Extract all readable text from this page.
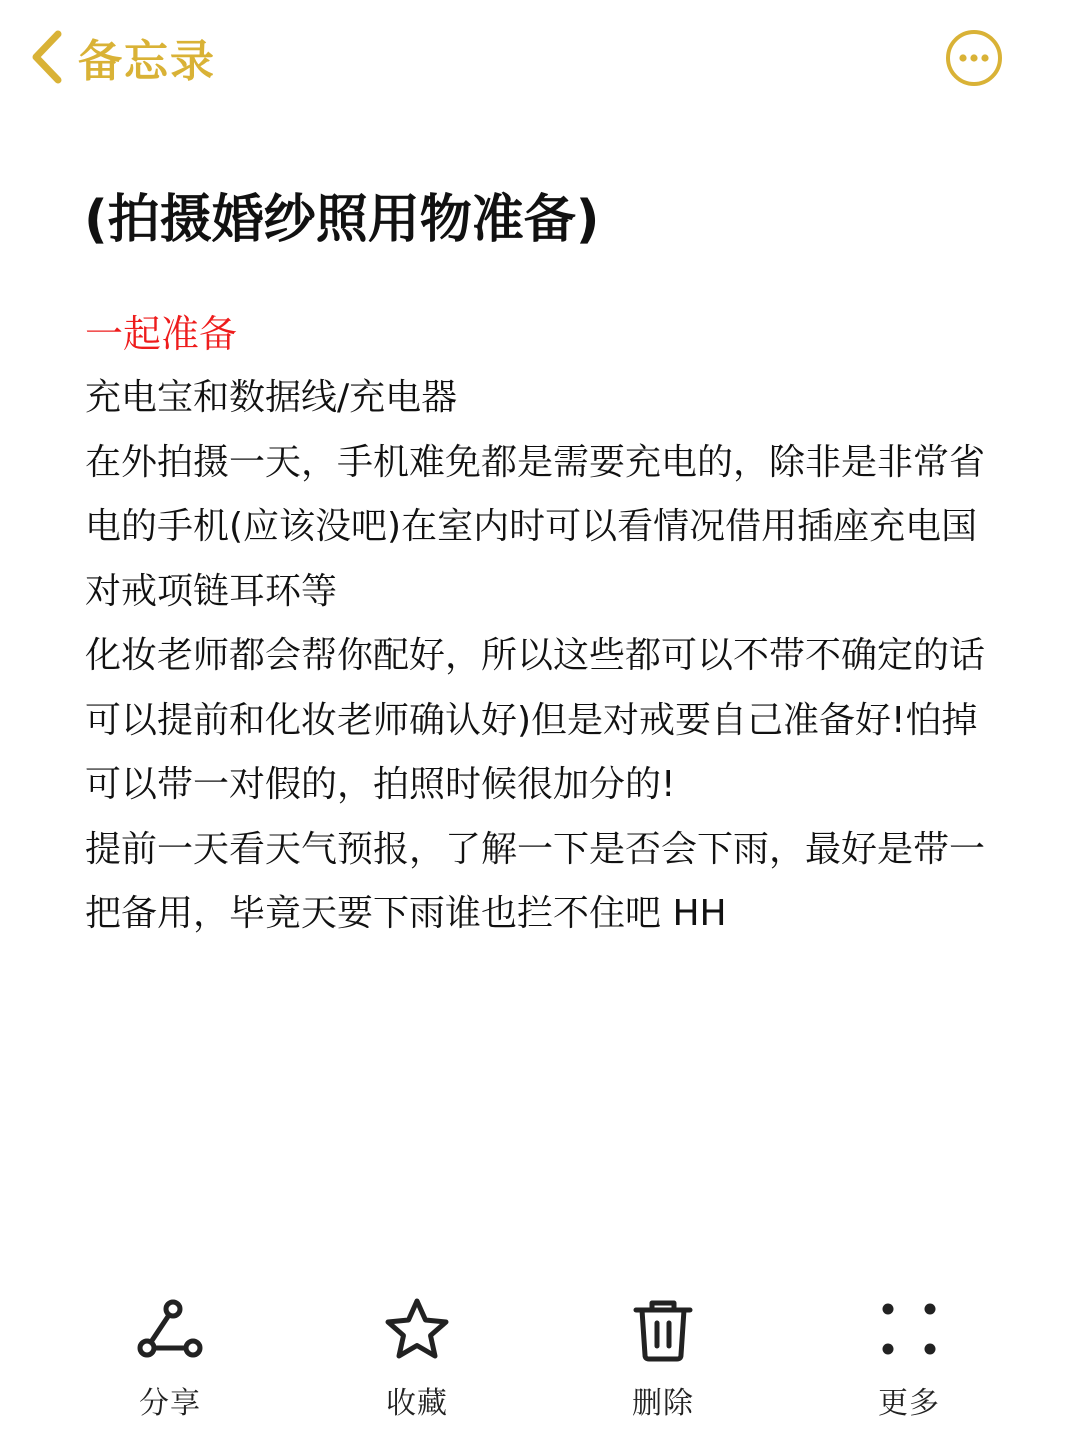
备忘录
(拍摄婚纱照用物准备)

一起准备

充电宝和数据线/充电器

在外拍摄一天，手机难免都是需要充电的，除非是非常省电的手机(应该没吧)在室内时可以看情况借用插座充电国对戒项链耳环等

化妆老师都会帮你配好，所以这些都可以不带不确定的话可以提前和化妆老师确认好)但是对戒要自己准备好!怕掉可以带一对假的，拍照时候很加分的!

提前一天看天气预报，了解一下是否会下雨，最好是带一把备用，毕竟天要下雨谁也拦不住吧 HH

分享	收藏	删除	更多
